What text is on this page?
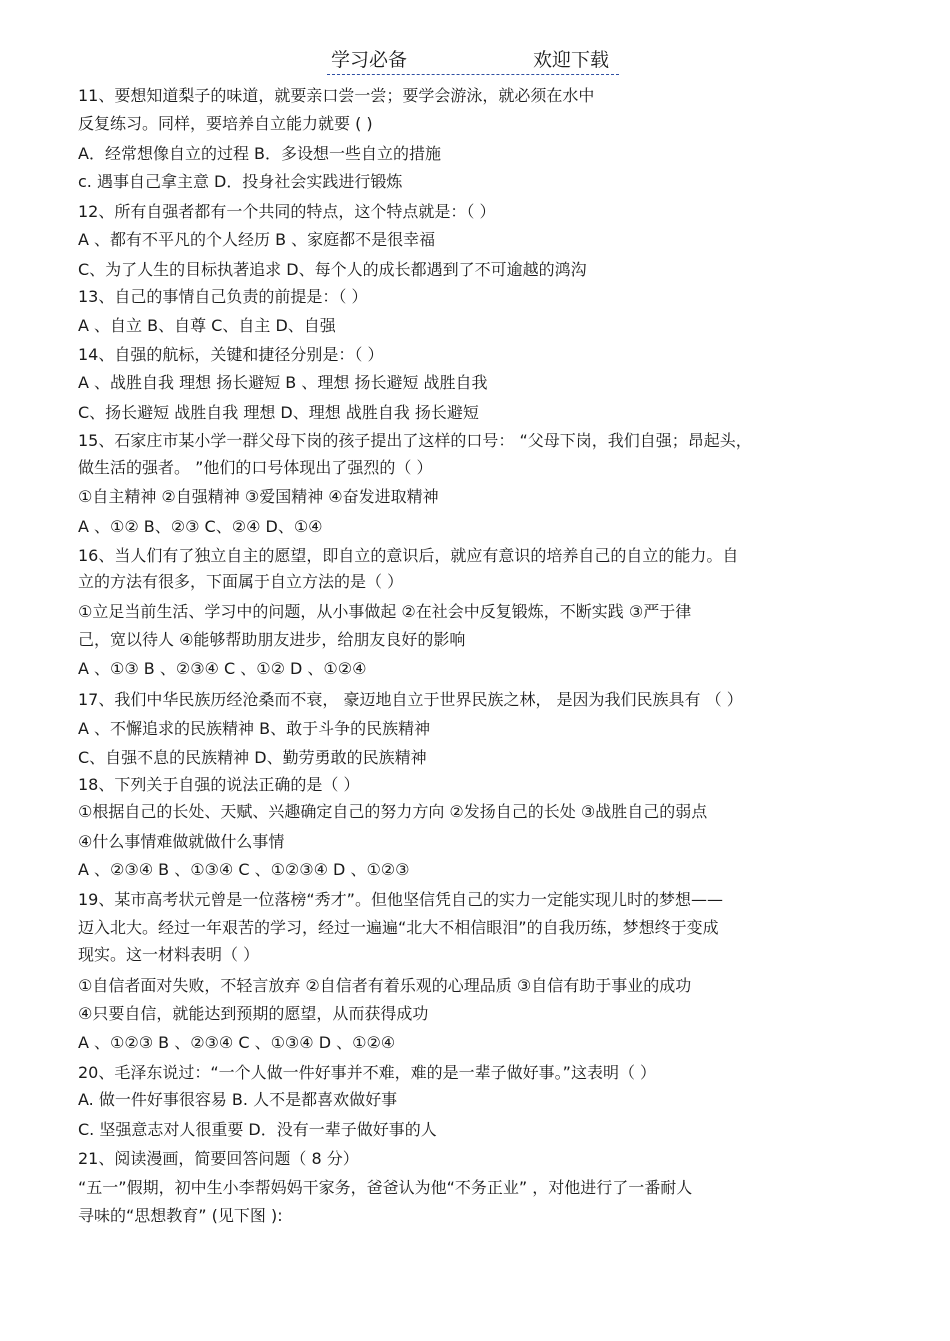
学习必备	欢迎下载
11、要想知道梨子的味道，就要亲口尝一尝；要学会游泳，就必须在水中
反复练习。同样，要培养自立能力就要 ( )
A．经常想像自立的过程 B．多设想一些自立的措施
c. 遇事自己拿主意 D．投身社会实践进行锻炼
12、所有自强者都有一个共同的特点，这个特点就是：（ ）
A 、都有不平凡的个人经历 B 、家庭都不是很幸福
C、为了人生的目标执著追求 D、每个人的成长都遇到了不可逾越的鸿沟
13、自己的事情自己负责的前提是：（ ）
A 、自立 B、自尊 C、自主 D、自强
14、自强的航标，关键和捷径分别是：（ ）
A 、战胜自我 理想 扬长避短 B 、理想 扬长避短 战胜自我
C、扬长避短 战胜自我 理想 D、理想 战胜自我 扬长避短
15、石家庄市某小学一群父母下岗的孩子提出了这样的口号： “父母下岗，我们自强；昂起头，
做生活的强者。 ”他们的口号体现出了强烈的（ ）
①自主精神 ②自强精神 ③爱国精神 ④奋发进取精神
A 、①② B、②③ C、②④ D、①④
16、当人们有了独立自主的愿望，即自立的意识后，就应有意识的培养自己的自立的能力。自
立的方法有很多，下面属于自立方法的是（ ）
①立足当前生活、学习中的问题，从小事做起 ②在社会中反复锻炼，不断实践 ③严于律
己，宽以待人 ④能够帮助朋友进步，给朋友良好的影响
A 、①③ B 、②③④ C 、①② D 、①②④
17、我们中华民族历经沧桑而不衰， 豪迈地自立于世界民族之林， 是因为我们民族具有 （ ）
A 、不懈追求的民族精神 B、敢于斗争的民族精神
C、自强不息的民族精神 D、勤劳勇敢的民族精神
18、下列关于自强的说法正确的是（ ）
①根据自己的长处、天赋、兴趣确定自己的努力方向 ②发扬自己的长处 ③战胜自己的弱点
④什么事情难做就做什么事情
A 、②③④ B 、①③④ C 、①②③④ D 、①②③
19、某市高考状元曾是一位落榜“秀才”。但他坚信凭自己的实力一定能实现儿时的梦想——
迈入北大。经过一年艰苦的学习，经过一遍遍“北大不相信眼泪”的自我历练，梦想终于变成
现实。这一材料表明（ ）
①自信者面对失败，不轻言放弃 ②自信者有着乐观的心理品质 ③自信有助于事业的成功
④只要自信，就能达到预期的愿望，从而获得成功
A 、①②③ B 、②③④ C 、①③④ D 、①②④
20、毛泽东说过：“一个人做一件好事并不难，难的是一辈子做好事。”这表明（ ）
A. 做一件好事很容易 B. 人不是都喜欢做好事
C. 坚强意志对人很重要 D．没有一辈子做好事的人
21、阅读漫画，简要回答问题（ 8 分）
“五一”假期，初中生小李帮妈妈干家务，爸爸认为他“不务正业” ，对他进行了一番耐人
寻味的“思想教育” (见下图 ):
